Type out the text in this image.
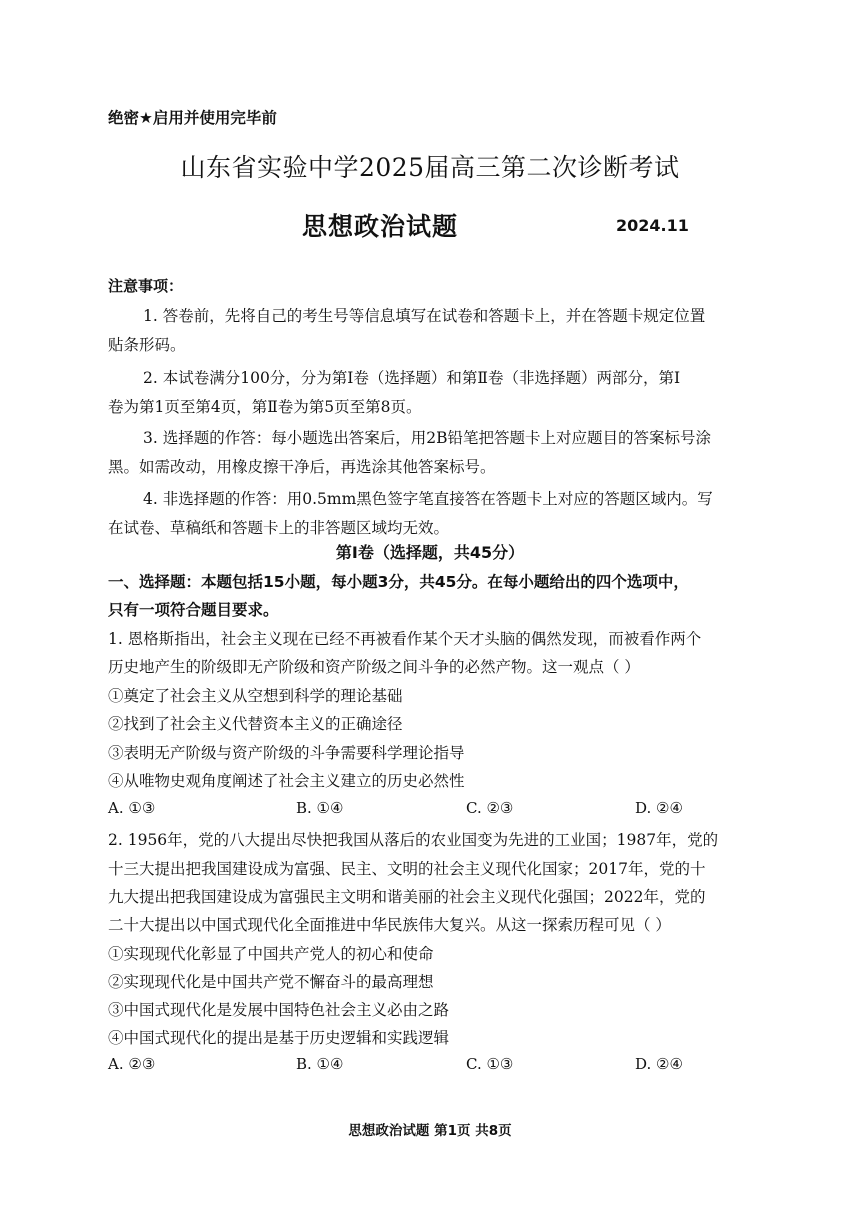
绝密★启用并使用完毕前
山东省实验中学2025届高三第二次诊断考试
思想政治试题	2024.11
注意事项：
1. 答卷前，先将自己的考生号等信息填写在试卷和答题卡上，并在答题卡规定位置
贴条形码。
2. 本试卷满分100分，分为第Ⅰ卷（选择题）和第Ⅱ卷（非选择题）两部分，第Ⅰ
卷为第1页至第4页，第Ⅱ卷为第5页至第8页。
3. 选择题的作答：每小题选出答案后，用2B铅笔把答题卡上对应题目的答案标号涂
黑。如需改动，用橡皮擦干净后，再选涂其他答案标号。
4. 非选择题的作答：用0.5mm黑色签字笔直接答在答题卡上对应的答题区域内。写
在试卷、草稿纸和答题卡上的非答题区域均无效。
第Ⅰ卷（选择题，共45分）
一、选择题：本题包括15小题，每小题3分，共45分。在每小题给出的四个选项中，
只有一项符合题目要求。
1. 恩格斯指出，社会主义现在已经不再被看作某个天才头脑的偶然发现，而被看作两个
历史地产生的阶级即无产阶级和资产阶级之间斗争的必然产物。这一观点（ ）
①奠定了社会主义从空想到科学的理论基础
②找到了社会主义代替资本主义的正确途径
③表明无产阶级与资产阶级的斗争需要科学理论指导
④从唯物史观角度阐述了社会主义建立的历史必然性
A. ①③	B. ①④	C. ②③	D. ②④
2. 1956年，党的八大提出尽快把我国从落后的农业国变为先进的工业国；1987年，党的
十三大提出把我国建设成为富强、民主、文明的社会主义现代化国家；2017年，党的十
九大提出把我国建设成为富强民主文明和谐美丽的社会主义现代化强国；2022年，党的
二十大提出以中国式现代化全面推进中华民族伟大复兴。从这一探索历程可见（ ）
①实现现代化彰显了中国共产党人的初心和使命
②实现现代化是中国共产党不懈奋斗的最高理想
③中国式现代化是发展中国特色社会主义必由之路
④中国式现代化的提出是基于历史逻辑和实践逻辑
A. ②③	B. ①④	C. ①③	D. ②④
思想政治试题 第1页 共8页
